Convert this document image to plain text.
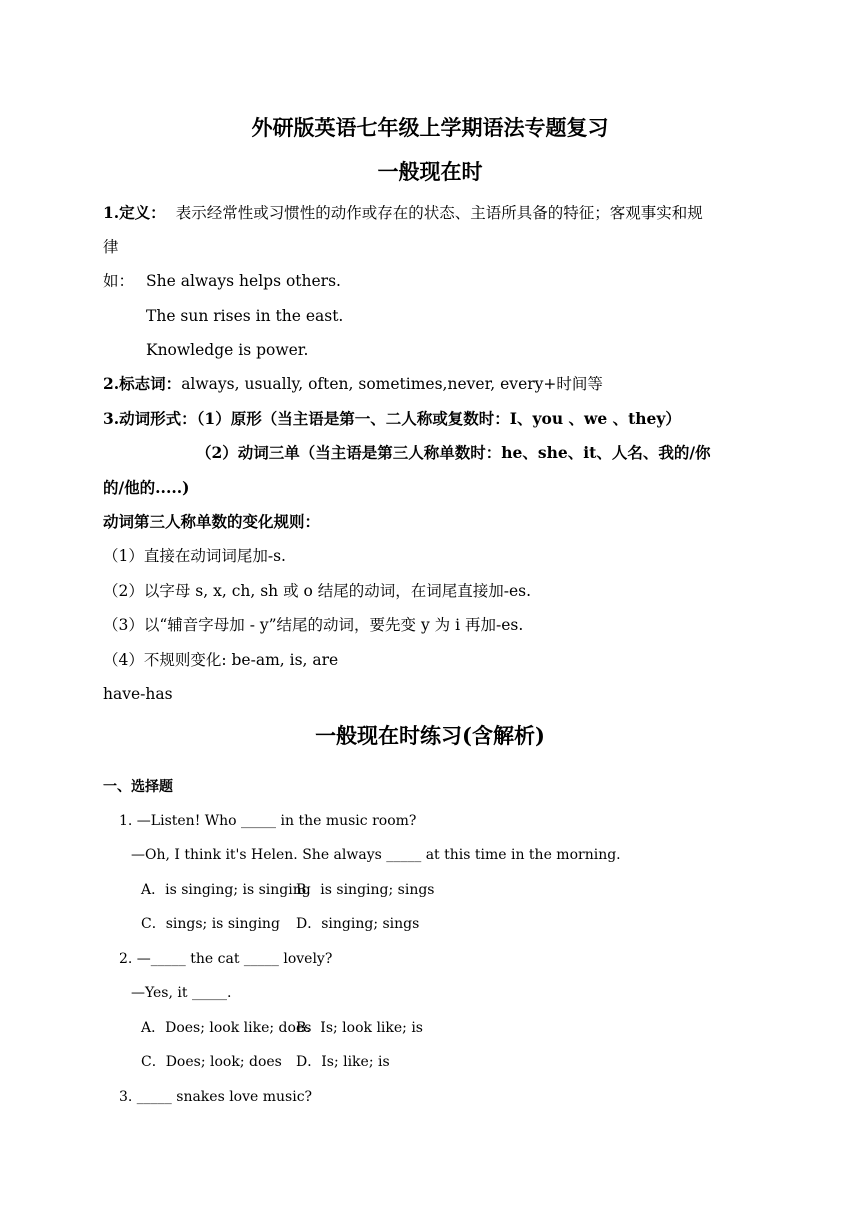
外研版英语七年级上学期语法专题复习
一般现在时
1.定义： 表示经常性或习惯性的动作或存在的状态、主语所具备的特征；客观事实和规
律
如： She always helps others.
The sun rises in the east.
Knowledge is power.
2.标志词：always, usually, often, sometimes,never, every+时间等
3.动词形式：（1）原形（当主语是第一、二人称或复数时：I、you 、we 、they）
（2）动词三单（当主语是第三人称单数时：he、she、it、人名、我的/你
的/他的.....)
动词第三人称单数的变化规则：
（1）直接在动词词尾加-s.
（2）以字母 s, x, ch, sh 或 o 结尾的动词，在词尾直接加-es.
（3）以“辅音字母加 - y”结尾的动词，要先变 y 为 i 再加-es.
（4）不规则变化: be-am, is, are
have-has
一般现在时练习(含解析)
一、选择题
1. —Listen! Who _____ in the music room?
—Oh, I think it's Helen. She always _____ at this time in the morning.
A．is singing; is singing
B．is singing; sings
C．sings; is singing D．singing; sings
2. —_____ the cat _____ lovely?
—Yes, it _____.
A．Does; look like; does
B．Is; look like; is
C．Does; look; does D．Is; like; is
3. _____ snakes love music?
